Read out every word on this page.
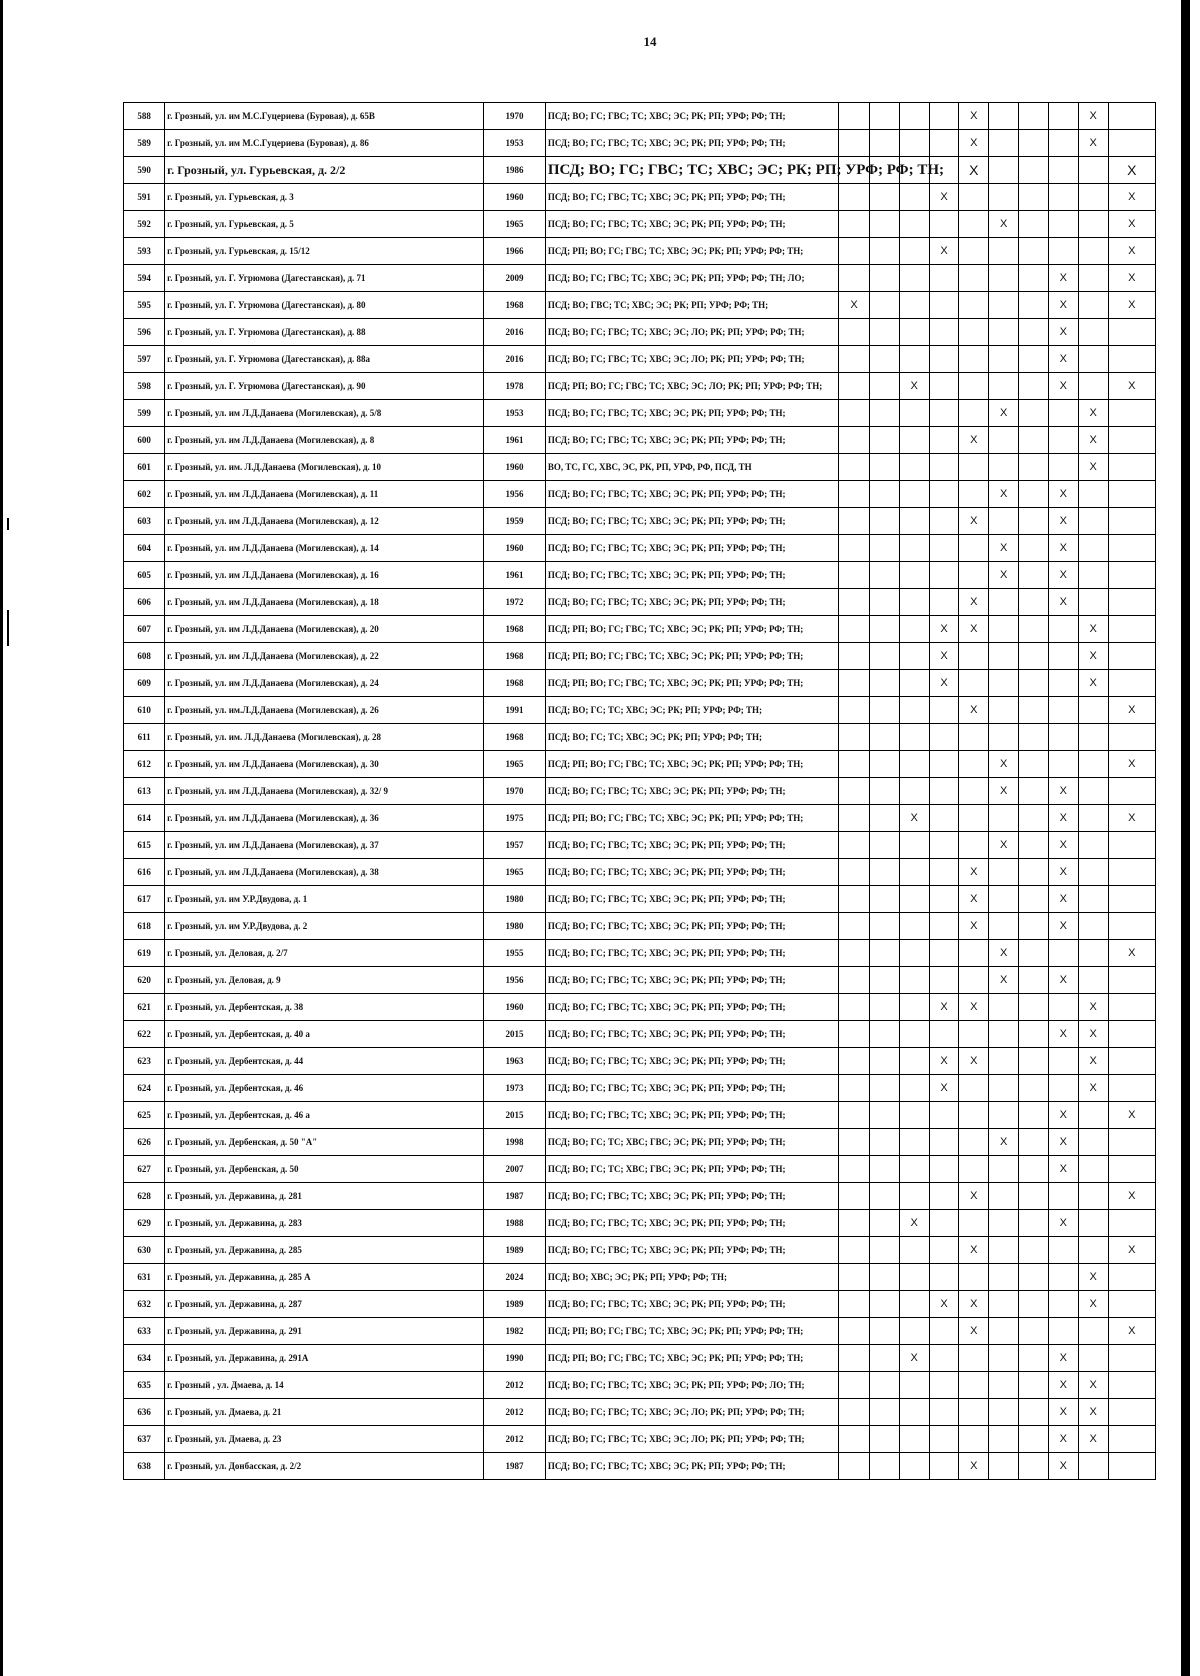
14
588	г. Грозный, ул. им М.С.Гуцериева (Буровая), д. 65В	1970	ПСД; ВО; ГС; ГВС; ТС; ХВС; ЭС; РК; РП; УРФ; РФ; ТН;					X				X	
589	г. Грозный, ул. им М.С.Гуцериева (Буровая), д. 86	1953	ПСД; ВО; ГС; ГВС; ТС; ХВС; ЭС; РК; РП; УРФ; РФ; ТН;					X				X	
590	г. Грозный, ул. Гурьевская, д. 2/2	1986	ПСД; ВО; ГС; ГВС; ТС; ХВС; ЭС; РК; РП; УРФ; РФ; ТН;					X					X
591	г. Грозный, ул. Гурьевская, д. 3	1960	ПСД; ВО; ГС; ГВС; ТС; ХВС; ЭС; РК; РП; УРФ; РФ; ТН;				X						X
592	г. Грозный, ул. Гурьевская, д. 5	1965	ПСД; ВО; ГС; ГВС; ТС; ХВС; ЭС; РК; РП; УРФ; РФ; ТН;						X				X
593	г. Грозный, ул. Гурьевская, д. 15/12	1966	ПСД; РП; ВО; ГС; ГВС; ТС; ХВС; ЭС; РК; РП; УРФ; РФ; ТН;				X						X
594	г. Грозный, ул. Г. Угрюмова (Дагестанская), д. 71	2009	ПСД; ВО; ГС; ГВС; ТС; ХВС; ЭС; РК; РП; УРФ; РФ; ТН; ЛО;								X		X
595	г. Грозный, ул. Г. Угрюмова (Дагестанская), д. 80	1968	ПСД; ВО; ГВС; ТС; ХВС; ЭС; РК; РП; УРФ; РФ; ТН;	X							X		X
596	г. Грозный, ул. Г. Угрюмова (Дагестанская), д. 88	2016	ПСД; ВО; ГС; ГВС; ТС; ХВС; ЭС; ЛО; РК; РП; УРФ; РФ; ТН;								X		
597	г. Грозный, ул. Г. Угрюмова (Дагестанская), д. 88а	2016	ПСД; ВО; ГС; ГВС; ТС; ХВС; ЭС; ЛО; РК; РП; УРФ; РФ; ТН;								X		
598	г. Грозный, ул. Г. Угрюмова (Дагестанская), д. 90	1978	ПСД; РП; ВО; ГС; ГВС; ТС; ХВС; ЭС; ЛО; РК; РП; УРФ; РФ; ТН;			X					X		X
599	г. Грозный, ул. им Л.Д.Данаева (Могилевская), д. 5/8	1953	ПСД; ВО; ГС; ГВС; ТС; ХВС; ЭС; РК; РП; УРФ; РФ; ТН;						X			X	
600	г. Грозный, ул. им Л.Д.Данаева (Могилевская), д. 8	1961	ПСД; ВО; ГС; ГВС; ТС; ХВС; ЭС; РК; РП; УРФ; РФ; ТН;					X				X	
601	г. Грозный, ул. им. Л.Д.Данаева (Могилевская), д. 10	1960	ВО, ТС, ГС, ХВС, ЭС, РК, РП, УРФ, РФ, ПСД, ТН									X	
602	г. Грозный, ул. им Л.Д.Данаева (Могилевская), д. 11	1956	ПСД; ВО; ГС; ГВС; ТС; ХВС; ЭС; РК; РП; УРФ; РФ; ТН;						X		X		
603	г. Грозный, ул. им Л.Д.Данаева (Могилевская), д. 12	1959	ПСД; ВО; ГС; ГВС; ТС; ХВС; ЭС; РК; РП; УРФ; РФ; ТН;					X			X		
604	г. Грозный, ул. им Л.Д.Данаева (Могилевская), д. 14	1960	ПСД; ВО; ГС; ГВС; ТС; ХВС; ЭС; РК; РП; УРФ; РФ; ТН;						X		X		
605	г. Грозный, ул. им Л.Д.Данаева (Могилевская), д. 16	1961	ПСД; ВО; ГС; ГВС; ТС; ХВС; ЭС; РК; РП; УРФ; РФ; ТН;						X		X		
606	г. Грозный, ул. им Л.Д.Данаева (Могилевская), д. 18	1972	ПСД; ВО; ГС; ГВС; ТС; ХВС; ЭС; РК; РП; УРФ; РФ; ТН;					X			X		
607	г. Грозный, ул. им Л.Д.Данаева (Могилевская), д. 20	1968	ПСД; РП; ВО; ГС; ГВС; ТС; ХВС; ЭС; РК; РП; УРФ; РФ; ТН;				X	X				X	
608	г. Грозный, ул. им Л.Д.Данаева (Могилевская), д. 22	1968	ПСД; РП; ВО; ГС; ГВС; ТС; ХВС; ЭС; РК; РП; УРФ; РФ; ТН;				X					X	
609	г. Грозный, ул. им Л.Д.Данаева (Могилевская), д. 24	1968	ПСД; РП; ВО; ГС; ГВС; ТС; ХВС; ЭС; РК; РП; УРФ; РФ; ТН;				X					X	
610	г. Грозный, ул. им.Л.Д.Данаева (Могилевская), д. 26	1991	ПСД; ВО; ГС; ТС; ХВС; ЭС; РК; РП; УРФ; РФ; ТН;					X					X
611	г. Грозный, ул. им. Л.Д.Данаева (Могилевская), д. 28	1968	ПСД; ВО; ГС; ТС; ХВС; ЭС; РК; РП; УРФ; РФ; ТН;										
612	г. Грозный, ул. им Л.Д.Данаева (Могилевская), д. 30	1965	ПСД; РП; ВО; ГС; ГВС; ТС; ХВС; ЭС; РК; РП; УРФ; РФ; ТН;						X				X
613	г. Грозный, ул. им Л.Д.Данаева (Могилевская), д. 32/ 9	1970	ПСД; ВО; ГС; ГВС; ТС; ХВС; ЭС; РК; РП; УРФ; РФ; ТН;						X		X		
614	г. Грозный, ул. им Л.Д.Данаева (Могилевская), д. 36	1975	ПСД; РП; ВО; ГС; ГВС; ТС; ХВС; ЭС; РК; РП; УРФ; РФ; ТН;			X					X		X
615	г. Грозный, ул. им Л.Д.Данаева (Могилевская), д. 37	1957	ПСД; ВО; ГС; ГВС; ТС; ХВС; ЭС; РК; РП; УРФ; РФ; ТН;						X		X		
616	г. Грозный, ул. им Л.Д.Данаева (Могилевская), д. 38	1965	ПСД; ВО; ГС; ГВС; ТС; ХВС; ЭС; РК; РП; УРФ; РФ; ТН;					X			X		
617	г. Грозный, ул. им У.Р.Двудова, д. 1	1980	ПСД; ВО; ГС; ГВС; ТС; ХВС; ЭС; РК; РП; УРФ; РФ; ТН;					X			X		
618	г. Грозный, ул. им У.Р.Двудова, д. 2	1980	ПСД; ВО; ГС; ГВС; ТС; ХВС; ЭС; РК; РП; УРФ; РФ; ТН;					X			X		
619	г. Грозный, ул. Деловая, д. 2/7	1955	ПСД; ВО; ГС; ГВС; ТС; ХВС; ЭС; РК; РП; УРФ; РФ; ТН;						X				X
620	г. Грозный, ул. Деловая, д. 9	1956	ПСД; ВО; ГС; ГВС; ТС; ХВС; ЭС; РК; РП; УРФ; РФ; ТН;						X		X		
621	г. Грозный, ул. Дербентская, д. 38	1960	ПСД; ВО; ГС; ГВС; ТС; ХВС; ЭС; РК; РП; УРФ; РФ; ТН;				X	X				X	
622	г. Грозный, ул. Дербентская, д. 40 а	2015	ПСД; ВО; ГС; ГВС; ТС; ХВС; ЭС; РК; РП; УРФ; РФ; ТН;								X	X	
623	г. Грозный, ул. Дербентская, д. 44	1963	ПСД; ВО; ГС; ГВС; ТС; ХВС; ЭС; РК; РП; УРФ; РФ; ТН;				X	X				X	
624	г. Грозный, ул. Дербентская, д. 46	1973	ПСД; ВО; ГС; ГВС; ТС; ХВС; ЭС; РК; РП; УРФ; РФ; ТН;				X					X	
625	г. Грозный, ул. Дербентская, д. 46 а	2015	ПСД; ВО; ГС; ГВС; ТС; ХВС; ЭС; РК; РП; УРФ; РФ; ТН;								X		X
626	г. Грозный, ул. Дербенская, д. 50 "А"	1998	ПСД; ВО; ГС; ТС; ХВС; ГВС; ЭС; РК; РП; УРФ; РФ; ТН;						X		X		
627	г. Грозный, ул. Дербенская, д. 50	2007	ПСД; ВО; ГС; ТС; ХВС; ГВС; ЭС; РК; РП; УРФ; РФ; ТН;								X		
628	г. Грозный, ул. Державина, д. 281	1987	ПСД; ВО; ГС; ГВС; ТС; ХВС; ЭС; РК; РП; УРФ; РФ; ТН;					X					X
629	г. Грозный, ул. Державина, д. 283	1988	ПСД; ВО; ГС; ГВС; ТС; ХВС; ЭС; РК; РП; УРФ; РФ; ТН;			X					X		
630	г. Грозный, ул. Державина, д. 285	1989	ПСД; ВО; ГС; ГВС; ТС; ХВС; ЭС; РК; РП; УРФ; РФ; ТН;					X					X
631	г. Грозный, ул. Державина, д. 285 А	2024	ПСД; ВО; ХВС; ЭС; РК; РП; УРФ; РФ; ТН;									X	
632	г. Грозный, ул. Державина, д. 287	1989	ПСД; ВО; ГС; ГВС; ТС; ХВС; ЭС; РК; РП; УРФ; РФ; ТН;				X	X				X	
633	г. Грозный, ул. Державина, д. 291	1982	ПСД; РП; ВО; ГС; ГВС; ТС; ХВС; ЭС; РК; РП; УРФ; РФ; ТН;					X					X
634	г. Грозный, ул. Державина, д. 291А	1990	ПСД; РП; ВО; ГС; ГВС; ТС; ХВС; ЭС; РК; РП; УРФ; РФ; ТН;			X					X		
635	г. Грозный , ул. Дмаева, д. 14	2012	ПСД; ВО; ГС; ГВС; ТС; ХВС; ЭС; РК; РП; УРФ; РФ; ЛО; ТН;								X	X	
636	г. Грозный, ул. Дмаева, д. 21	2012	ПСД; ВО; ГС; ГВС; ТС; ХВС; ЭС; ЛО; РК; РП; УРФ; РФ; ТН;								X	X	
637	г. Грозный, ул. Дмаева, д. 23	2012	ПСД; ВО; ГС; ГВС; ТС; ХВС; ЭС; ЛО; РК; РП; УРФ; РФ; ТН;								X	X	
638	г. Грозный, ул. Донбасская, д. 2/2	1987	ПСД; ВО; ГС; ГВС; ТС; ХВС; ЭС; РК; РП; УРФ; РФ; ТН;					X			X		
